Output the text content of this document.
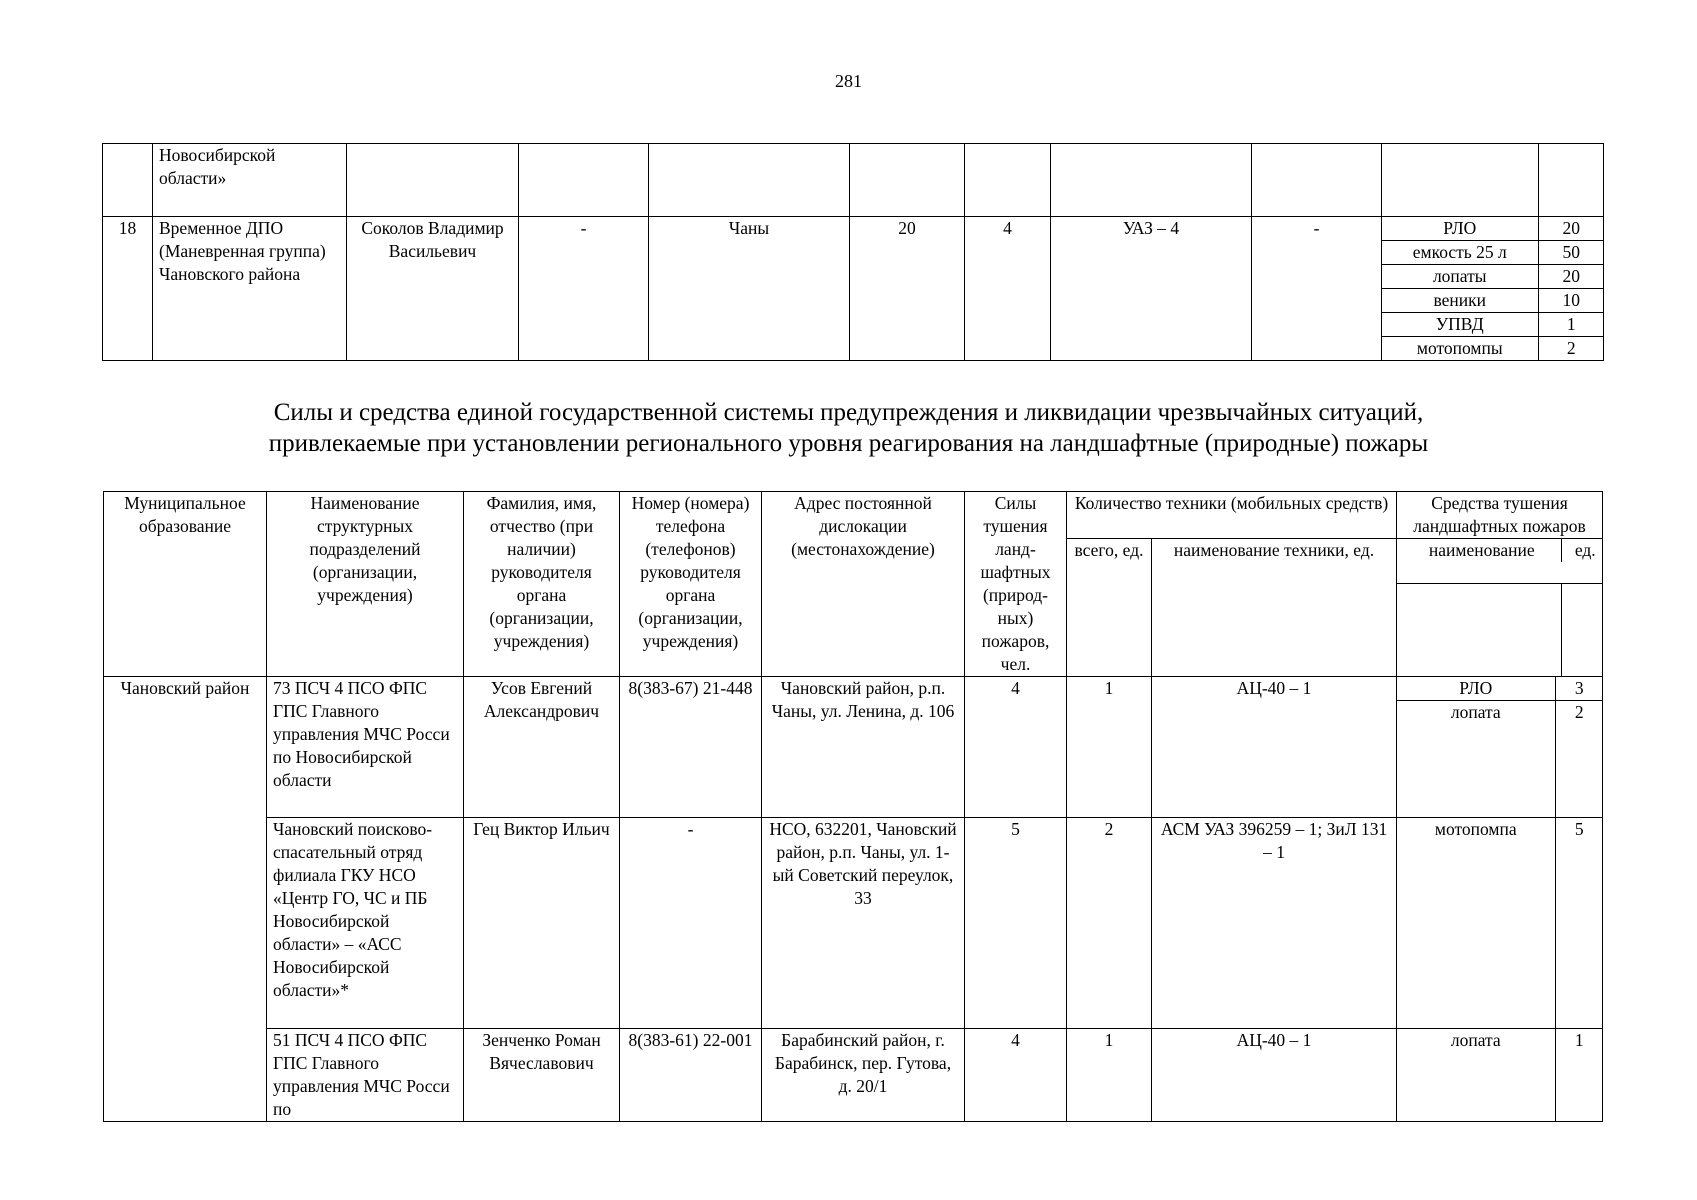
281
	Новосибирской области»								

18	Временное ДПО (Маневренная группа) Чановского района	Соколов Владимир Васильевич	-	Чаны	20	4	УАЗ – 4	-		РЛО	20
емкость 25 л	50
лопаты	20
веники	10
УПВД	1
мотопомпы	2
Силы и средства единой государственной системы предупреждения и ликвидации чрезвычайных ситуаций,
привлекаемые при установлении регионального уровня реагирования на ландшафтные (природные) пожары
Муниципальное образование	Наименование структурных подразделений (организации, учреждения)	Фамилия, имя, отчество (при наличии) руководителя органа (организации, учреждения)	Номер (номера) телефона (телефонов) руководителя органа (организации, учреждения)	Адрес постоянной дислокации (местонахождение)	Силы тушения ланд-шафтных (природ-ных) пожаров, чел.	Количество техники (мобильных средств)	Средства тушения ландшафтных пожаров
всего, ед.	наименование техники, ед.		наименование	ед.

Чановский район	73 ПСЧ 4 ПСО ФПС ГПС Главного управления МЧС Росси по Новосибирской области	Усов Евгений Александрович	8(383-67) 21-448	Чановский район, р.п. Чаны, ул. Ленина, д. 106	4	1	АЦ-40 – 1		РЛО	3
лопата	2

Чановский поисково-спасательный отряд филиала ГКУ НСО «Центр ГО, ЧС и ПБ Новосибирской области» – «АСС Новосибирской области»*	Гец Виктор Ильич	-	НСО, 632201, Чановский район, р.п. Чаны, ул. 1-ый Советский переулок, 33	5	2	АСМ УАЗ 396259 – 1; ЗиЛ 131 – 1	
мотопомпа	5

51 ПСЧ 4 ПСО ФПС ГПС Главного управления МЧС Росси по	Зенченко Роман Вячеславович	8(383-61) 22-001	Барабинский район, г. Барабинск, пер. Гутова, д. 20/1	4	1	АЦ-40 – 1		лопата	1
